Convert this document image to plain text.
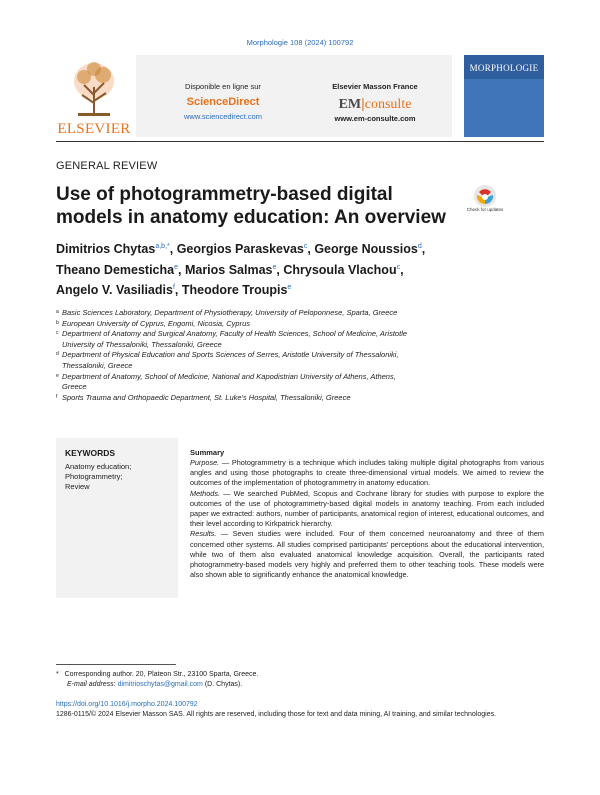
Morphologie 108 (2024) 100792
ELSEVIER
Disponible en ligne sur
ScienceDirect
www.sciencedirect.com
Elsevier Masson France
EM|consulte
www.em-consulte.com
MORPHOLOGIE
GENERAL REVIEW
Use of photogrammetry-based digital
models in anatomy education: An overview	Check for updates
Dimitrios Chytas$^{a,b,*}$, Georgios Paraskevas$^c$, George Noussios$^d$,
Theano Demesticha$^e$, Marios Salmas$^e$, Chrysoula Vlachou$^c$,
Angelo V. Vasiliadis$^f$, Theodore Troupis$^e$
a Basic Sciences Laboratory, Department of Physiotherapy, University of Peloponnese, Sparta, Greece
b European University of Cyprus, Engomi, Nicosia, Cyprus
c Department of Anatomy and Surgical Anatomy, Faculty of Health Sciences, School of Medicine, Aristotle
University of Thessaloniki, Thessaloniki, Greece
d Department of Physical Education and Sports Sciences of Serres, Aristotle University of Thessaloniki,
Thessaloniki, Greece
e Department of Anatomy, School of Medicine, National and Kapodistrian University of Athens, Athens,
Greece
f Sports Trauma and Orthopaedic Department, St. Luke's Hospital, Thessaloniki, Greece
KEYWORDS
Anatomy education;
Photogrammetry;
Review
Summary

Purpose. — Photogrammetry is a technique which includes taking multiple digital photographs from various angles and using those photographs to create three-dimensional virtual models. We aimed to review the outcomes of the implementation of photogrammetry in anatomy education.

Methods. — We searched PubMed, Scopus and Cochrane library for studies with purpose to explore the outcomes of the use of photogrammetry-based digital models in anatomy teaching. From each included paper we extracted: authors, number of participants, anatomical region of interest, educational outcomes, and their level according to Kirkpatrick hierarchy.

Results. — Seven studies were included. Four of them concerned neuroanatomy and three of them concerned other systems. All studies comprised participants' perceptions about the educational intervention, while two of them also evaluated anatomical knowledge acquisition. Overall, the participants rated photogrammetry-based models very highly and preferred them to other teaching tools. These models were also shown able to significantly enhance the anatomical knowledge.

* Corresponding author. 20, Plateon Str., 23100 Sparta, Greece.
E-mail address: dimitrioschytas@gmail.com (D. Chytas).
https://doi.org/10.1016/j.morpho.2024.100792
1286-0115/© 2024 Elsevier Masson SAS. All rights are reserved, including those for text and data mining, AI training, and similar technologies.
